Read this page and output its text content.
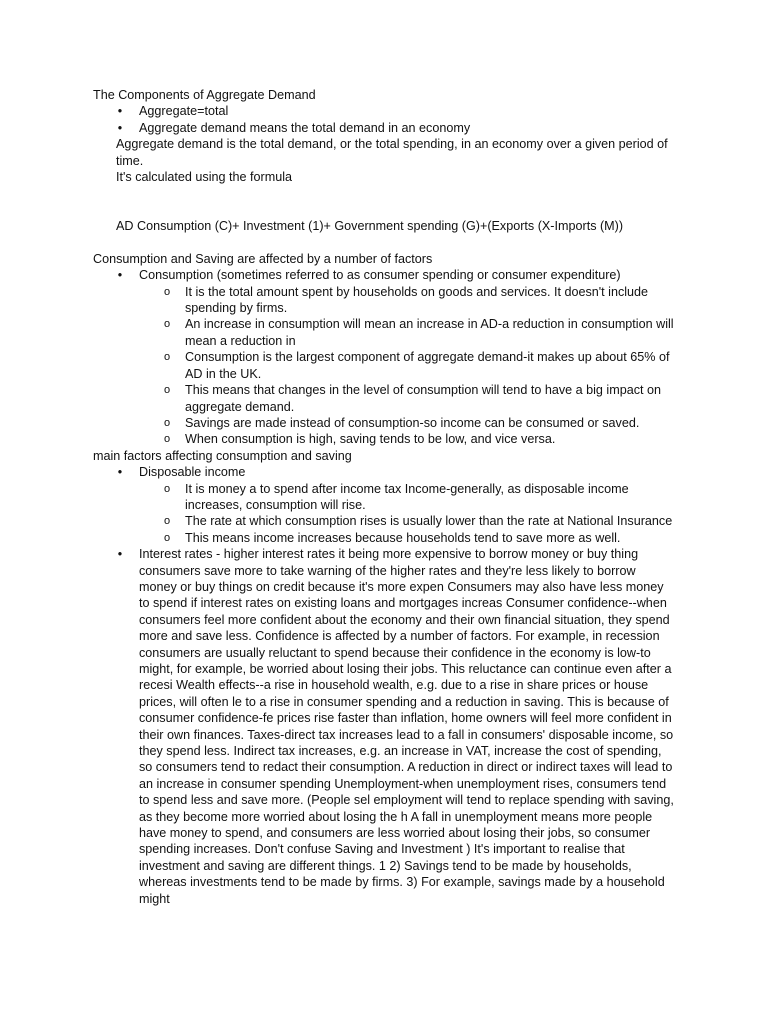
The Components of Aggregate Demand
• Aggregate=total
• Aggregate demand means the total demand in an economy
Aggregate demand is the total demand, or the total spending, in an economy over a given period of time.
It's calculated using the formula
AD Consumption (C)+ Investment (1)+ Government spending (G)+(Exports (X-Imports (M))
Consumption and Saving are affected by a number of factors
• Consumption (sometimes referred to as consumer spending or consumer expenditure)
o It is the total amount spent by households on goods and services. It doesn't include spending by firms.
o An increase in consumption will mean an increase in AD-a reduction in consumption will mean a reduction in
o Consumption is the largest component of aggregate demand-it makes up about 65% of AD in the UK.
o This means that changes in the level of consumption will tend to have a big impact on aggregate demand.
o Savings are made instead of consumption-so income can be consumed or saved.
o When consumption is high, saving tends to be low, and vice versa.
main factors affecting consumption and saving
• Disposable income
o It is money a to spend after income tax Income-generally, as disposable income increases, consumption will rise.
o The rate at which consumption rises is usually lower than the rate at National Insurance
o This means income increases because households tend to save more as well.
• Interest rates - higher interest rates it being more expensive to borrow money or buy thing consumers save more to take warning of the higher rates and they're less likely to borrow money or buy things on credit because it's more expen Consumers may also have less money to spend if interest rates on existing loans and mortgages increas Consumer confidence--when consumers feel more confident about the economy and their own financial situation, they spend more and save less. Confidence is affected by a number of factors. For example, in recession consumers are usually reluctant to spend because their confidence in the economy is low-to might, for example, be worried about losing their jobs. This reluctance can continue even after a recesi Wealth effects--a rise in household wealth, e.g. due to a rise in share prices or house prices, will often le to a rise in consumer spending and a reduction in saving. This is because of consumer confidence-fe prices rise faster than inflation, home owners will feel more confident in their own finances. Taxes-direct tax increases lead to a fall in consumers' disposable income, so they spend less. Indirect tax increases, e.g. an increase in VAT, increase the cost of spending, so consumers tend to redact their consumption. A reduction in direct or indirect taxes will lead to an increase in consumer spending Unemployment-when unemployment rises, consumers tend to spend less and save more. (People sel employment will tend to replace spending with saving, as they become more worried about losing the h A fall in unemployment means more people have money to spend, and consumers are less worried about losing their jobs, so consumer spending increases. Don't confuse Saving and Investment ) It's important to realise that investment and saving are different things. 1 2) Savings tend to be made by households, whereas investments tend to be made by firms. 3) For example, savings made by a household might
